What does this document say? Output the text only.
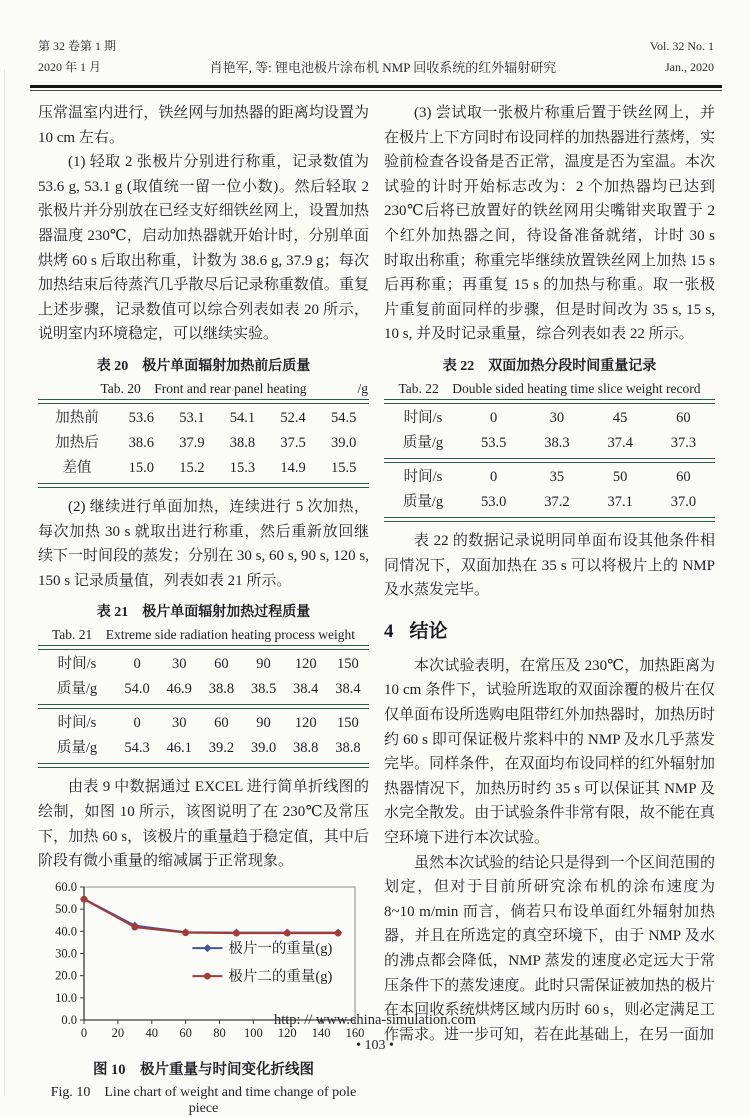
第 32 卷第 1 期
2020 年 1 月	肖艳军, 等: 锂电池极片涂布机 NMP 回收系统的红外辐射研究
Vol. 32 No. 1
Jan., 2020

压常温室内进行，铁丝网与加热器的距离均设置为 10 cm 左右。

(1) 轻取 2 张极片分别进行称重，记录数值为 53.6 g, 53.1 g (取值统一留一位小数)。然后轻取 2 张极片并分别放在已经支好细铁丝网上，设置加热器温度 230℃，启动加热器就开始计时，分别单面烘烤 60 s 后取出称重，计数为 38.6 g, 37.9 g；每次加热结束后待蒸汽几乎散尽后记录称重数值。重复上述步骤，记录数值可以综合列表如表 20 所示，说明室内环境稳定，可以继续实验。

表 20　极片单面辐射加热前后质量
Tab. 20　Front and rear panel heating	/g
加热前	53.6	53.1	54.1	52.4	54.5
加热后	38.6	37.9	38.8	37.5	39.0
差值	15.0	15.2	15.3	14.9	15.5

(2) 继续进行单面加热，连续进行 5 次加热，每次加热 30 s 就取出进行称重，然后重新放回继续下一时间段的蒸发；分别在 30 s, 60 s, 90 s, 120 s, 150 s 记录质量值，列表如表 21 所示。

表 21　极片单面辐射加热过程质量
Tab. 21　Extreme side radiation heating process weight
时间/s	0	30	60	90	120	150
质量/g	54.0	46.9	38.8	38.5	38.4	38.4
时间/s	0	30	60	90	120	150
质量/g	54.3	46.1	39.2	39.0	38.8	38.8

由表 9 中数据通过 EXCEL 进行简单折线图的绘制，如图 10 所示，该图说明了在 230℃及常压下，加热 60 s，该极片的重量趋于稳定值，其中后阶段有微小重量的缩减属于正常现象。

0 20 40 60 80 100 120 140 160
0.0
10.0
20.0
30.0
40.0
50.0
60.0
极片一的重量(g)
极片二的重量(g)
图 10　极片重量与时间变化折线图
Fig. 10　Line chart of weight and time change of pole piece

(3) 尝试取一张极片称重后置于铁丝网上，并在极片上下方同时布设同样的加热器进行蒸烤，实验前检查各设备是否正常，温度是否为室温。本次试验的计时开始标志改为：2 个加热器均已达到 230℃后将已放置好的铁丝网用尖嘴钳夹取置于 2 个红外加热器之间，待设备准备就绪，计时 30 s 时取出称重；称重完毕继续放置铁丝网上加热 15 s 后再称重；再重复 15 s 的加热与称重。取一张极片重复前面同样的步骤，但是时间改为 35 s, 15 s, 10 s, 并及时记录重量，综合列表如表 22 所示。

表 22　双面加热分段时间重量记录
Tab. 22　Double sided heating time slice weight record
时间/s	0	30	45	60
质量/g	53.5	38.3	37.4	37.3
时间/s	0	35	50	60
质量/g	53.0	37.2	37.1	37.0

表 22 的数据记录说明同单面布设其他条件相同情况下，双面加热在 35 s 可以将极片上的 NMP 及水蒸发完毕。

4 结论

本次试验表明，在常压及 230℃，加热距离为 10 cm 条件下，试验所选取的双面涂覆的极片在仅仅单面布设所选购电阻带红外加热器时，加热历时约 60 s 即可保证极片浆料中的 NMP 及水几乎蒸发完毕。同样条件，在双面均布设同样的红外辐射加热器情况下，加热历时约 35 s 可以保证其 NMP 及水完全散发。由于试验条件非常有限，故不能在真空环境下进行本次试验。

虽然本次试验的结论只是得到一个区间范围的划定，但对于目前所研究涂布机的涂布速度为 8~10 m/min 而言，倘若只布设单面红外辐射加热器，并且在所选定的真空环境下，由于 NMP 及水的沸点都会降低，NMP 蒸发的速度必定远大于常压条件下的蒸发速度。此时只需保证被加热的极片在本回收系统烘烤区域内历时 60 s，则必定满足工作需求。进一步可知，若在此基础上，在另一面加

http: // www.china-simulation.com
• 103 •
